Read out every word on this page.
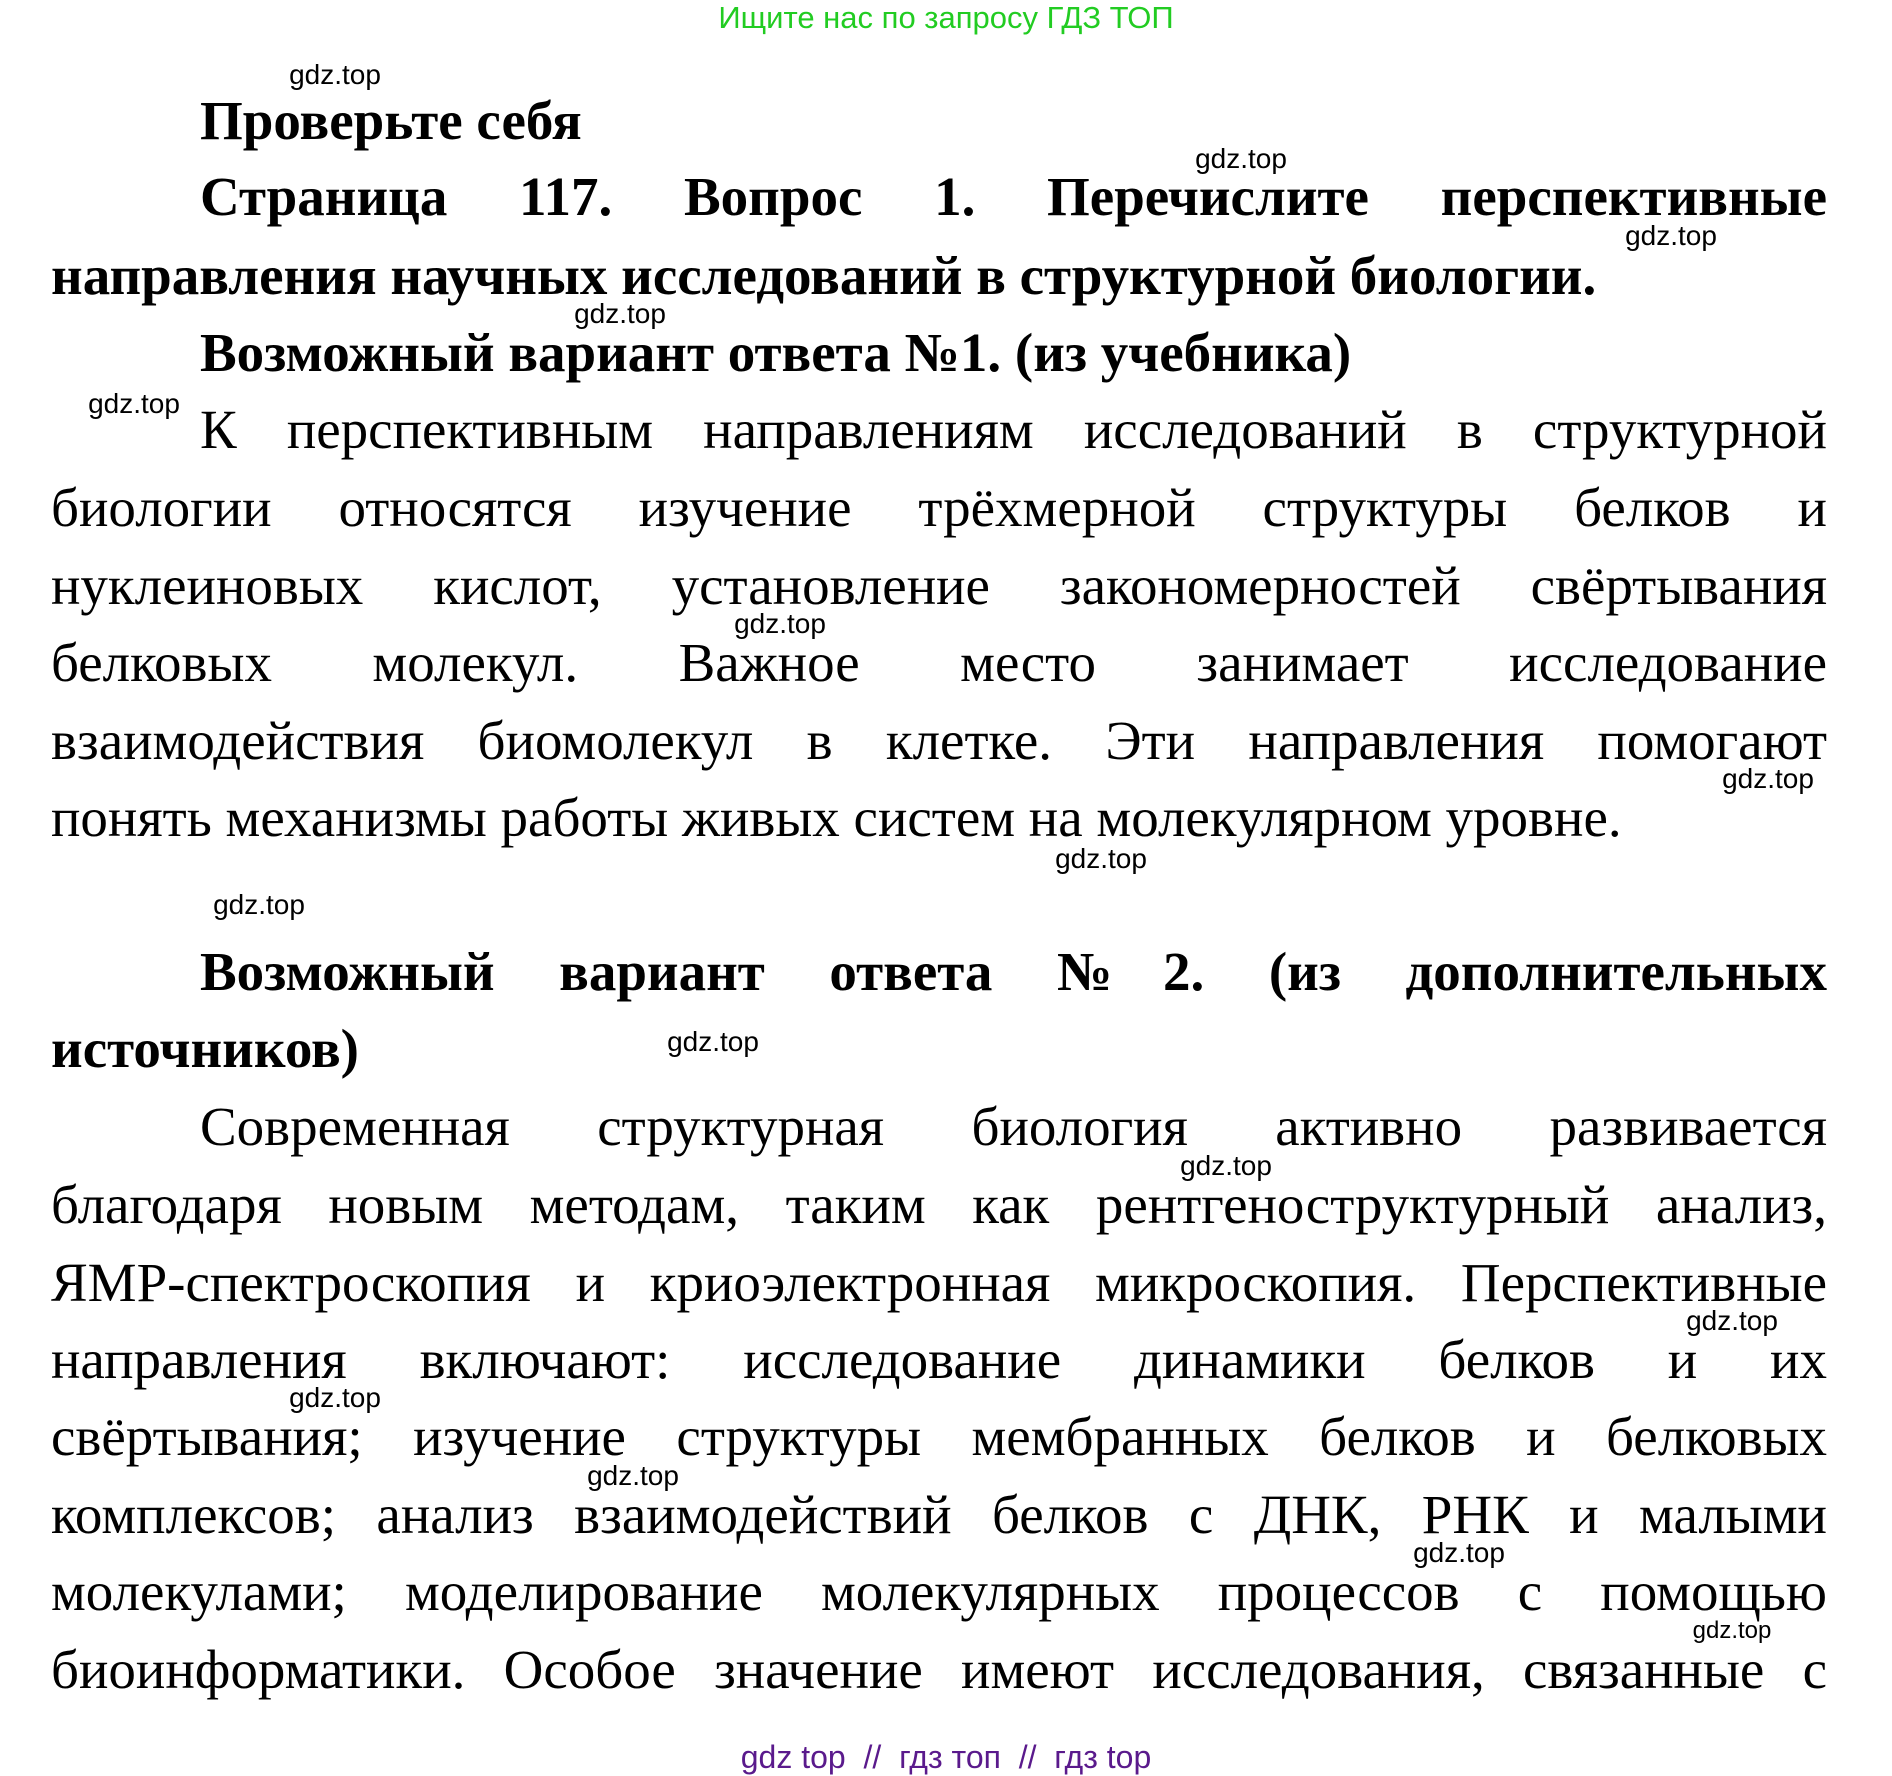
Ищите нас по запросу ГДЗ ТОП
Проверьте себя
Страница 117. Вопрос 1. Перечислите перспективные
направления научных исследований в структурной биологии.
Возможный вариант ответа №1. (из учебника)
К перспективным направлениям исследований в структурной
биологии относятся изучение трёхмерной структуры белков и
нуклеиновых кислот, установление закономерностей свёртывания
белковых молекул. Важное место занимает исследование
взаимодействия биомолекул в клетке. Эти направления помогают
понять механизмы работы живых систем на молекулярном уровне.
Возможный вариант ответа №2. (из дополнительных
источников)
Современная структурная биология активно развивается
благодаря новым методам, таким как рентгеноструктурный анализ,
ЯМР-спектроскопия и криоэлектронная микроскопия. Перспективные
направления включают: исследование динамики белков и их
свёртывания; изучение структуры мембранных белков и белковых
комплексов; анализ взаимодействий белков с ДНК, РНК и малыми
молекулами; моделирование молекулярных процессов с помощью
биоинформатики. Особое значение имеют исследования, связанные с
gdz.top
gdz.top
gdz.top
gdz.top
gdz.top
gdz.top
gdz.top
gdz.top
gdz.top
gdz.top
gdz.top
gdz.top
gdz.top
gdz.top
gdz.top
gdz.top
gdz top  //  гдз топ  //  гдз top
